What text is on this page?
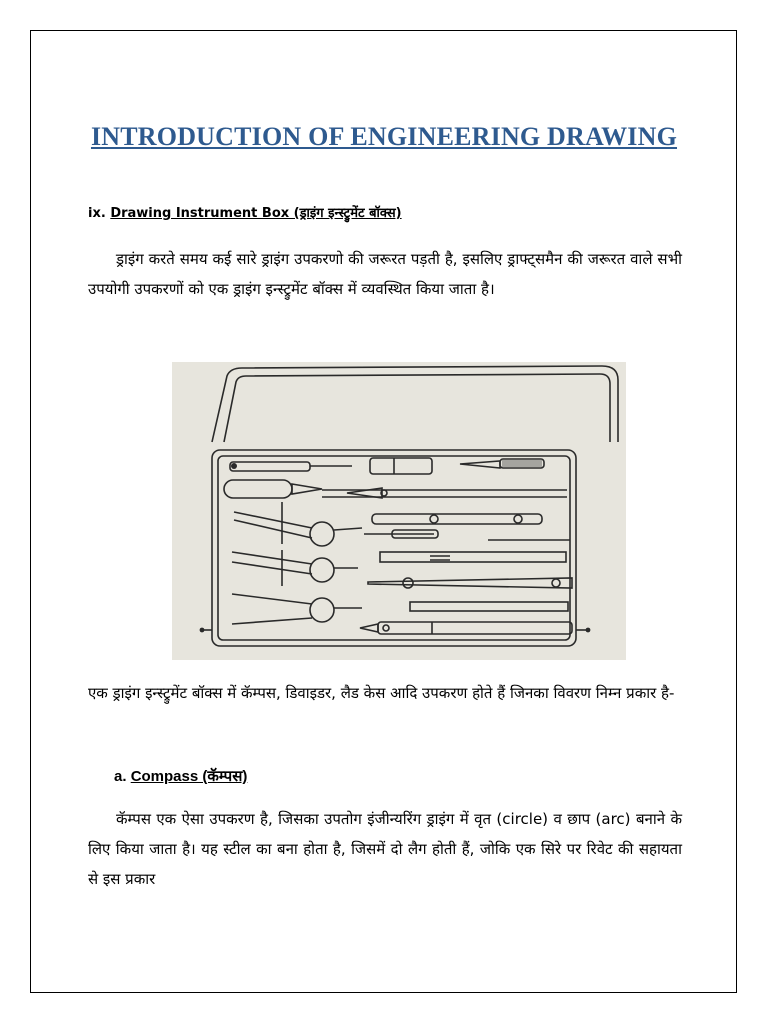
INTRODUCTION OF ENGINEERING DRAWING
ix. Drawing Instrument Box (ड्राइंग इन्स्ट्रुमेंट बॉक्स)
ड्राइंग करते समय कई सारे ड्राइंग उपकरणो की जरूरत पड़ती है, इसलिए ड्राफ्ट्समैन की जरूरत वाले सभी उपयोगी उपकरणों को एक ड्राइंग इन्स्ट्रुमेंट बॉक्स में व्यवस्थित किया जाता है।
एक ड्राइंग इन्स्ट्रुमेंट बॉक्स में कॅम्पस, डिवाइडर, लैड केस आदि उपकरण होते हैं जिनका विवरण निम्न प्रकार है-
a. Compass (कॅम्पस)
कॅम्पस एक ऐसा उपकरण है, जिसका उपतोग इंजीन्यरिंग ड्राइंग में वृत (circle) व छाप (arc) बनाने के लिए किया जाता है। यह स्टील का बना होता है, जिसमें दो लैग होती हैं, जोकि एक सिरे पर रिवेट की सहायता से इस प्रकार
